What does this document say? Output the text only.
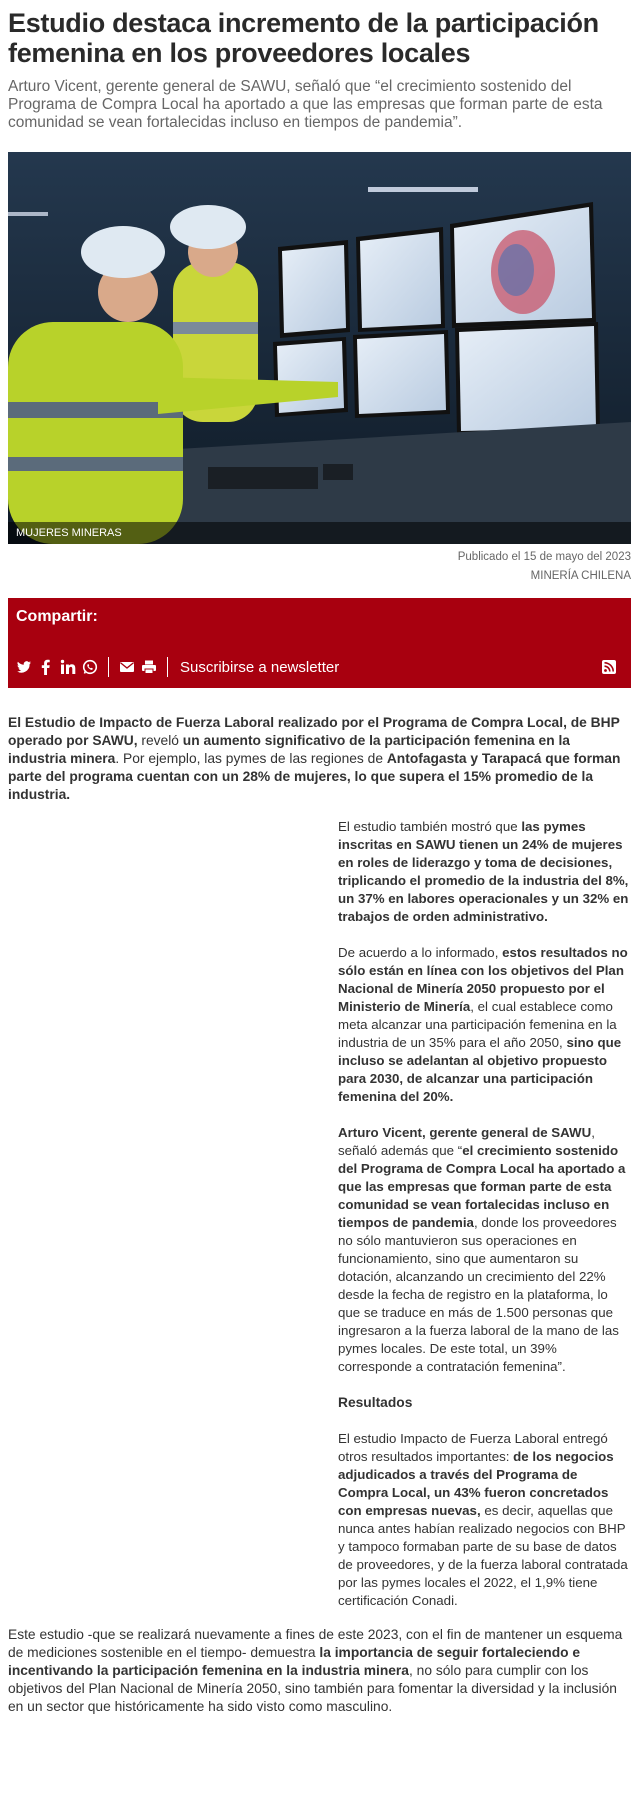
Estudio destaca incremento de la participación femenina en los proveedores locales

Arturo Vicent, gerente general de SAWU, señaló que “el crecimiento sostenido del Programa de Compra Local ha aportado a que las empresas que forman parte de esta comunidad se vean fortalecidas incluso en tiempos de pandemia”.

MUJERES MINERAS
Publicado el 15 de mayo del 2023
MINERÍA CHILENA
Compartir:
Suscribirse a newsletter

El Estudio de Impacto de Fuerza Laboral realizado por el Programa de Compra Local, de BHP operado por SAWU, reveló un aumento significativo de la participación femenina en la industria minera. Por ejemplo, las pymes de las regiones de Antofagasta y Tarapacá que forman parte del programa cuentan con un 28% de mujeres, lo que supera el 15% promedio de la industria.

El estudio también mostró que las pymes inscritas en SAWU tienen un 24% de mujeres en roles de liderazgo y toma de decisiones, triplicando el promedio de la industria del 8%, un 37% en labores operacionales y un 32% en trabajos de orden administrativo.

De acuerdo a lo informado, estos resultados no sólo están en línea con los objetivos del Plan Nacional de Minería 2050 propuesto por el Ministerio de Minería, el cual establece como meta alcanzar una participación femenina en la industria de un 35% para el año 2050, sino que incluso se adelantan al objetivo propuesto para 2030, de alcanzar una participación femenina del 20%.

Arturo Vicent, gerente general de SAWU, señaló además que “el crecimiento sostenido del Programa de Compra Local ha aportado a que las empresas que forman parte de esta comunidad se vean fortalecidas incluso en tiempos de pandemia, donde los proveedores no sólo mantuvieron sus operaciones en funcionamiento, sino que aumentaron su dotación, alcanzando un crecimiento del 22% desde la fecha de registro en la plataforma, lo que se traduce en más de 1.500 personas que ingresaron a la fuerza laboral de la mano de las pymes locales. De este total, un 39% corresponde a contratación femenina”.

Resultados

El estudio Impacto de Fuerza Laboral entregó otros resultados importantes: de los negocios adjudicados a través del Programa de Compra Local, un 43% fueron concretados con empresas nuevas, es decir, aquellas que nunca antes habían realizado negocios con BHP y tampoco formaban parte de su base de datos de proveedores, y de la fuerza laboral contratada por las pymes locales el 2022, el 1,9% tiene certificación Conadi.

Este estudio -que se realizará nuevamente a fines de este 2023, con el fin de mantener un esquema de mediciones sostenible en el tiempo- demuestra la importancia de seguir fortaleciendo e incentivando la participación femenina en la industria minera, no sólo para cumplir con los objetivos del Plan Nacional de Minería 2050, sino también para fomentar la diversidad y la inclusión en un sector que históricamente ha sido visto como masculino.
